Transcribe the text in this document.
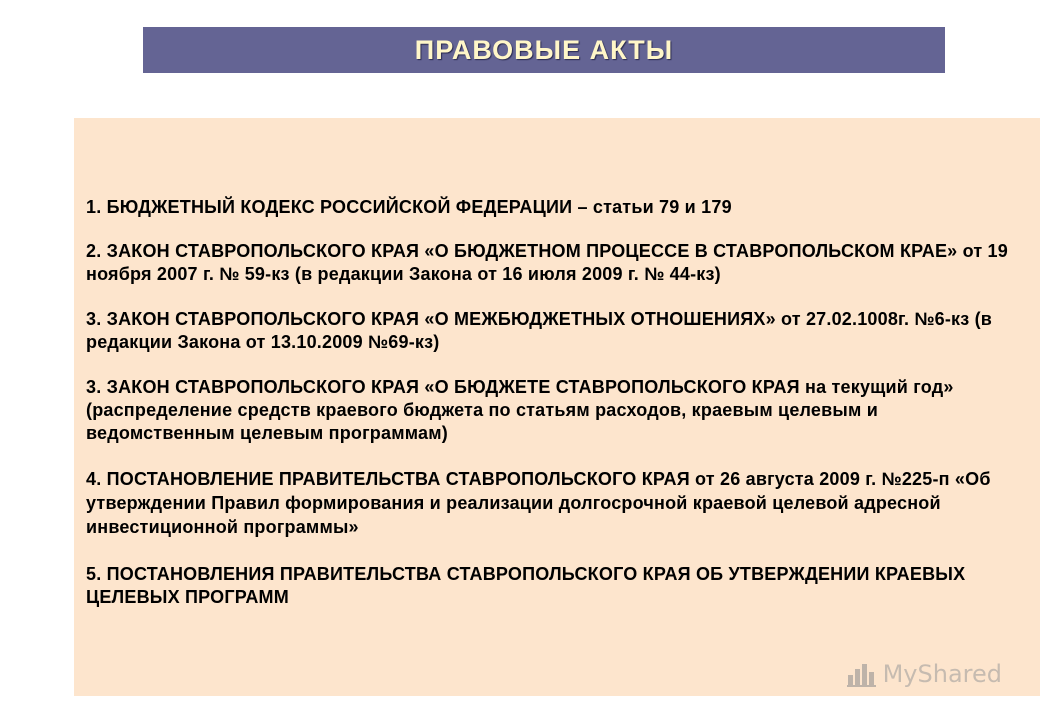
ПРАВОВЫЕ АКТЫ
1. БЮДЖЕТНЫЙ КОДЕКС РОССИЙСКОЙ ФЕДЕРАЦИИ – статьи 79 и 179
2. ЗАКОН СТАВРОПОЛЬСКОГО КРАЯ «О БЮДЖЕТНОМ ПРОЦЕССЕ В СТАВРОПОЛЬСКОМ КРАЕ» от 19 ноября 2007 г. № 59-кз (в редакции Закона от 16 июля 2009 г. № 44-кз)
3. ЗАКОН СТАВРОПОЛЬСКОГО КРАЯ «О МЕЖБЮДЖЕТНЫХ ОТНОШЕНИЯХ» от 27.02.1008г. №6-кз (в редакции Закона от 13.10.2009 №69-кз)
3. ЗАКОН СТАВРОПОЛЬСКОГО КРАЯ «О БЮДЖЕТЕ СТАВРОПОЛЬСКОГО КРАЯ на текущий год» (распределение средств краевого бюджета по статьям расходов, краевым целевым и ведомственным целевым программам)
4. ПОСТАНОВЛЕНИЕ ПРАВИТЕЛЬСТВА СТАВРОПОЛЬСКОГО КРАЯ от 26 августа 2009 г. №225-п «Об утверждении Правил формирования и реализации долгосрочной краевой целевой адресной инвестиционной программы»
5. ПОСТАНОВЛЕНИЯ ПРАВИТЕЛЬСТВА СТАВРОПОЛЬСКОГО КРАЯ ОБ УТВЕРЖДЕНИИ КРАЕВЫХ ЦЕЛЕВЫХ ПРОГРАММ
MyShared
